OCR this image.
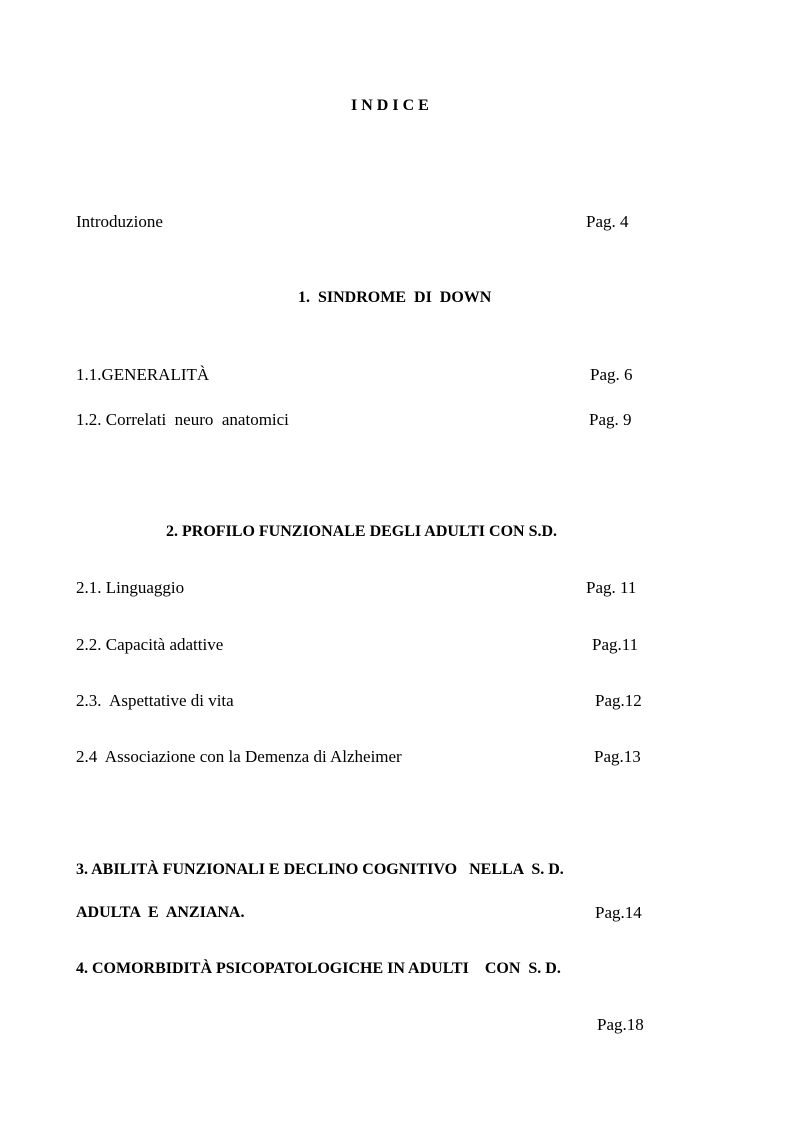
I N D I C E
Introduzione	Pag. 4
1.  SINDROME  DI  DOWN
1.1.GENERALITÀ	Pag. 6
1.2. Correlati  neuro  anatomici	Pag. 9
2. PROFILO FUNZIONALE DEGLI ADULTI CON S.D.
2.1. Linguaggio	Pag. 11
2.2. Capacità adattive	Pag.11
2.3.  Aspettative di vita	Pag.12
2.4  Associazione con la Demenza di Alzheimer	Pag.13
3. ABILITÀ FUNZIONALI E DECLINO COGNITIVO   NELLA  S. D.
ADULTA  E  ANZIANA.	Pag.14
4. COMORBIDITÀ PSICOPATOLOGICHE IN ADULTI    CON  S. D.
Pag.18
